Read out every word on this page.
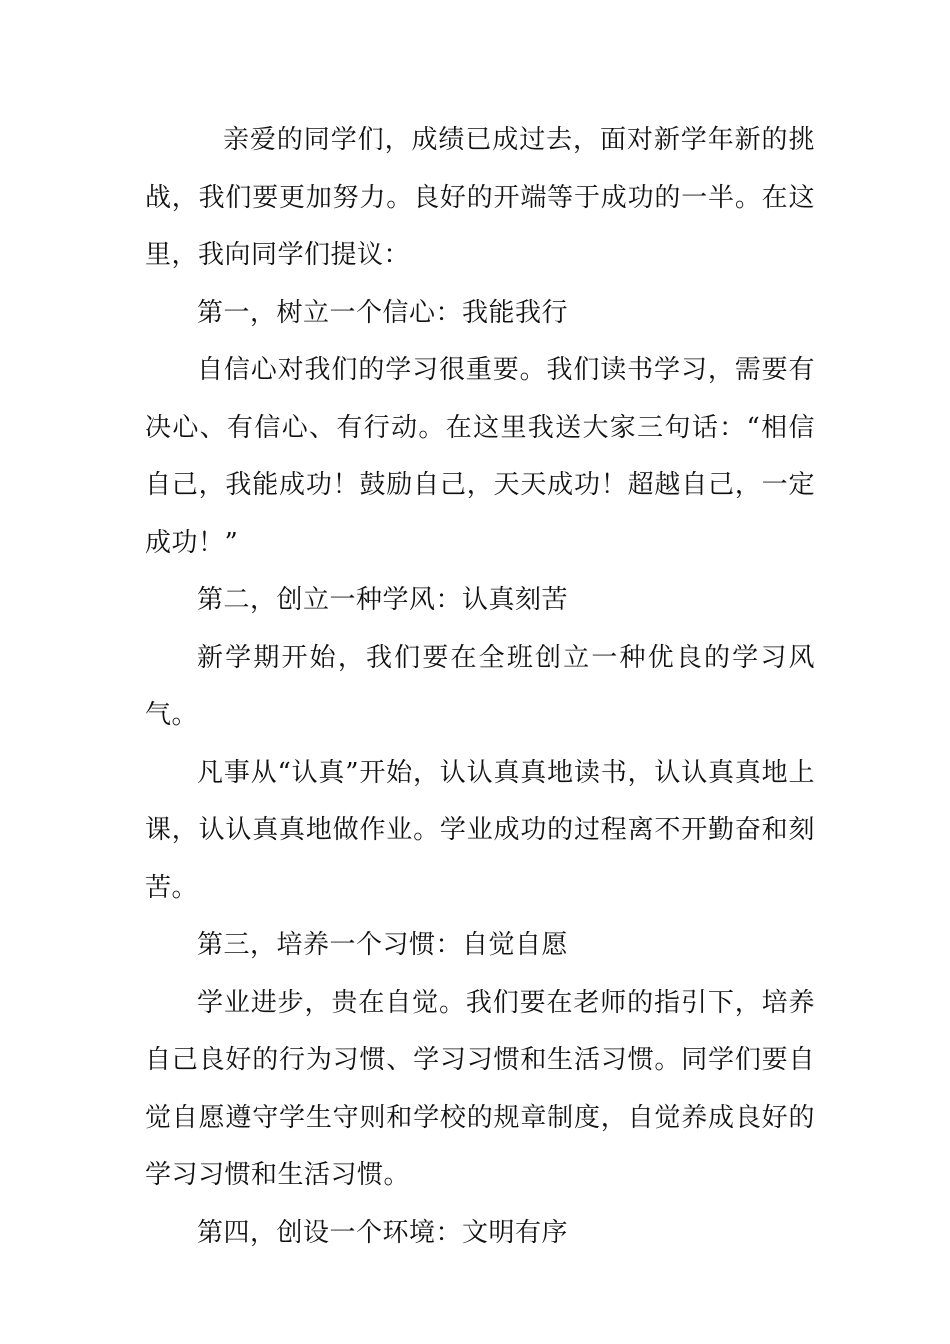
亲爱的同学们，成绩已成过去，面对新学年新的挑战，我们要更加努力。良好的开端等于成功的一半。在这里，我向同学们提议：

第一，树立一个信心：我能我行

自信心对我们的学习很重要。我们读书学习，需要有决心、有信心、有行动。在这里我送大家三句话：“相信自己，我能成功！鼓励自己，天天成功！超越自己，一定成功！”

第二，创立一种学风：认真刻苦

新学期开始，我们要在全班创立一种优良的学习风气。

凡事从“认真”开始，认认真真地读书，认认真真地上课，认认真真地做作业。学业成功的过程离不开勤奋和刻苦。

第三，培养一个习惯：自觉自愿

学业进步，贵在自觉。我们要在老师的指引下，培养自己良好的行为习惯、学习习惯和生活习惯。同学们要自觉自愿遵守学生守则和学校的规章制度，自觉养成良好的学习习惯和生活习惯。

第四，创设一个环境：文明有序
